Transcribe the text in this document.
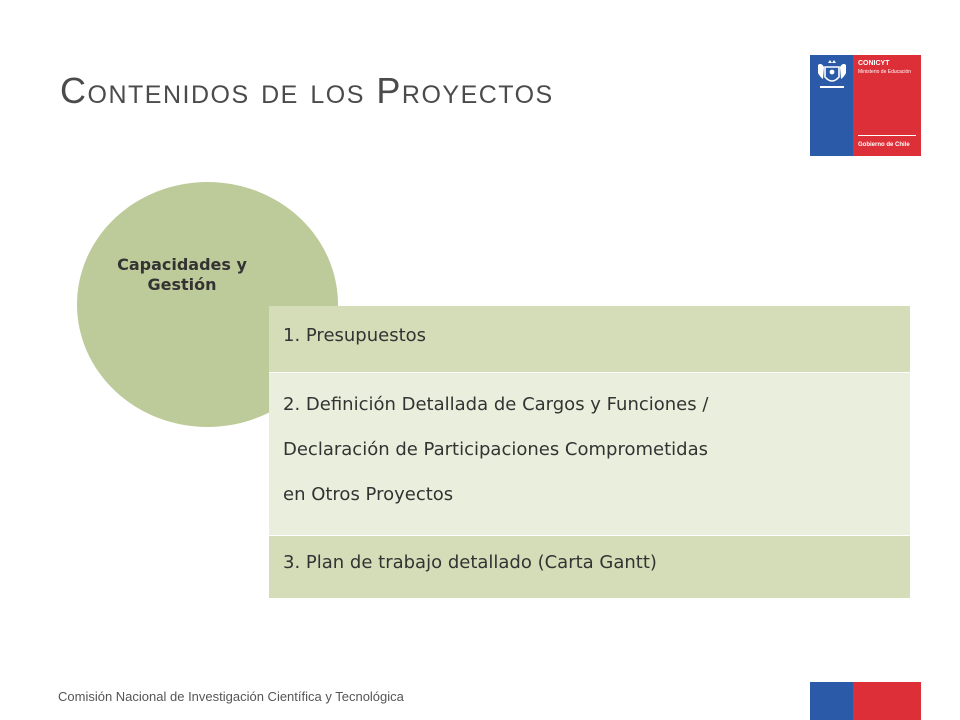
Contenidos de los Proyectos
CONICYT
Ministerio de Educación
Gobierno de Chile
Capacidades y Gestión
1. Presupuestos
2. Definición Detallada de Cargos y Funciones /
Declaración de Participaciones Comprometidas
en Otros Proyectos
3. Plan de trabajo detallado (Carta Gantt)
Comisión Nacional de Investigación Científica y Tecnológica
